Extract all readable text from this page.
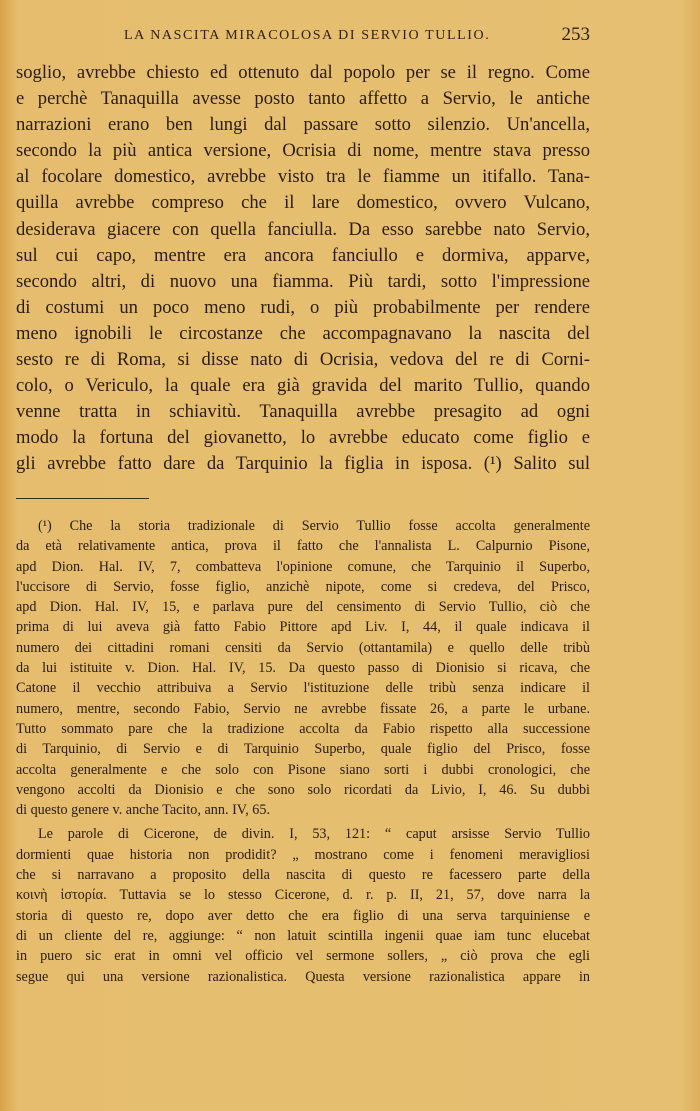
LA NASCITA MIRACOLOSA DI SERVIO TULLIO.	253
soglio, avrebbe chiesto ed ottenuto dal popolo per se il regno. Come
e perchè Tanaquilla avesse posto tanto affetto a Servio, le antiche
narrazioni erano ben lungi dal passare sotto silenzio. Un'ancella,
secondo la più antica versione, Ocrisia di nome, mentre stava presso
al focolare domestico, avrebbe visto tra le fiamme un itifallo. Tana-
quilla avrebbe compreso che il lare domestico, ovvero Vulcano,
desiderava giacere con quella fanciulla. Da esso sarebbe nato Servio,
sul cui capo, mentre era ancora fanciullo e dormiva, apparve,
secondo altri, di nuovo una fiamma. Più tardi, sotto l'impressione
di costumi un poco meno rudi, o più probabilmente per rendere
meno ignobili le circostanze che accompagnavano la nascita del
sesto re di Roma, si disse nato di Ocrisia, vedova del re di Corni-
colo, o Vericulo, la quale era già gravida del marito Tullio, quando
venne tratta in schiavitù. Tanaquilla avrebbe presagito ad ogni
modo la fortuna del giovanetto, lo avrebbe educato come figlio e
gli avrebbe fatto dare da Tarquinio la figlia in isposa. (¹) Salito sul
(¹) Che la storia tradizionale di Servio Tullio fosse accolta generalmente
da età relativamente antica, prova il fatto che l'annalista L. Calpurnio Pisone,
apd Dion. Hal. IV, 7, combatteva l'opinione comune, che Tarquinio il Superbo,
l'uccisore di Servio, fosse figlio, anzichè nipote, come si credeva, del Prisco,
apd Dion. Hal. IV, 15, e parlava pure del censimento di Servio Tullio, ciò che
prima di lui aveva già fatto Fabio Pittore apd Liv. I, 44, il quale indicava il
numero dei cittadini romani censiti da Servio (ottantamila) e quello delle tribù
da lui istituite v. Dion. Hal. IV, 15. Da questo passo di Dionisio si ricava, che
Catone il vecchio attribuiva a Servio l'istituzione delle tribù senza indicare il
numero, mentre, secondo Fabio, Servio ne avrebbe fissate 26, a parte le urbane.
Tutto sommato pare che la tradizione accolta da Fabio rispetto alla successione
di Tarquinio, di Servio e di Tarquinio Superbo, quale figlio del Prisco, fosse
accolta generalmente e che solo con Pisone siano sorti i dubbi cronologici, che
vengono accolti da Dionisio e che sono solo ricordati da Livio, I, 46. Su dubbi
di questo genere v. anche Tacito, ann. IV, 65.
Le parole di Cicerone, de divin. I, 53, 121: “ caput arsisse Servio Tullio
dormienti quae historia non prodidit? „ mostrano come i fenomeni meravigliosi
che si narravano a proposito della nascita di questo re facessero parte della
κοινὴ ἱστορία. Tuttavia se lo stesso Cicerone, d. r. p. II, 21, 57, dove narra la
storia di questo re, dopo aver detto che era figlio di una serva tarquiniense e
di un cliente del re, aggiunge: “ non latuit scintilla ingenii quae iam tunc elucebat
in puero sic erat in omni vel officio vel sermone sollers, „ ciò prova che egli
segue qui una versione razionalistica. Questa versione razionalistica appare in
